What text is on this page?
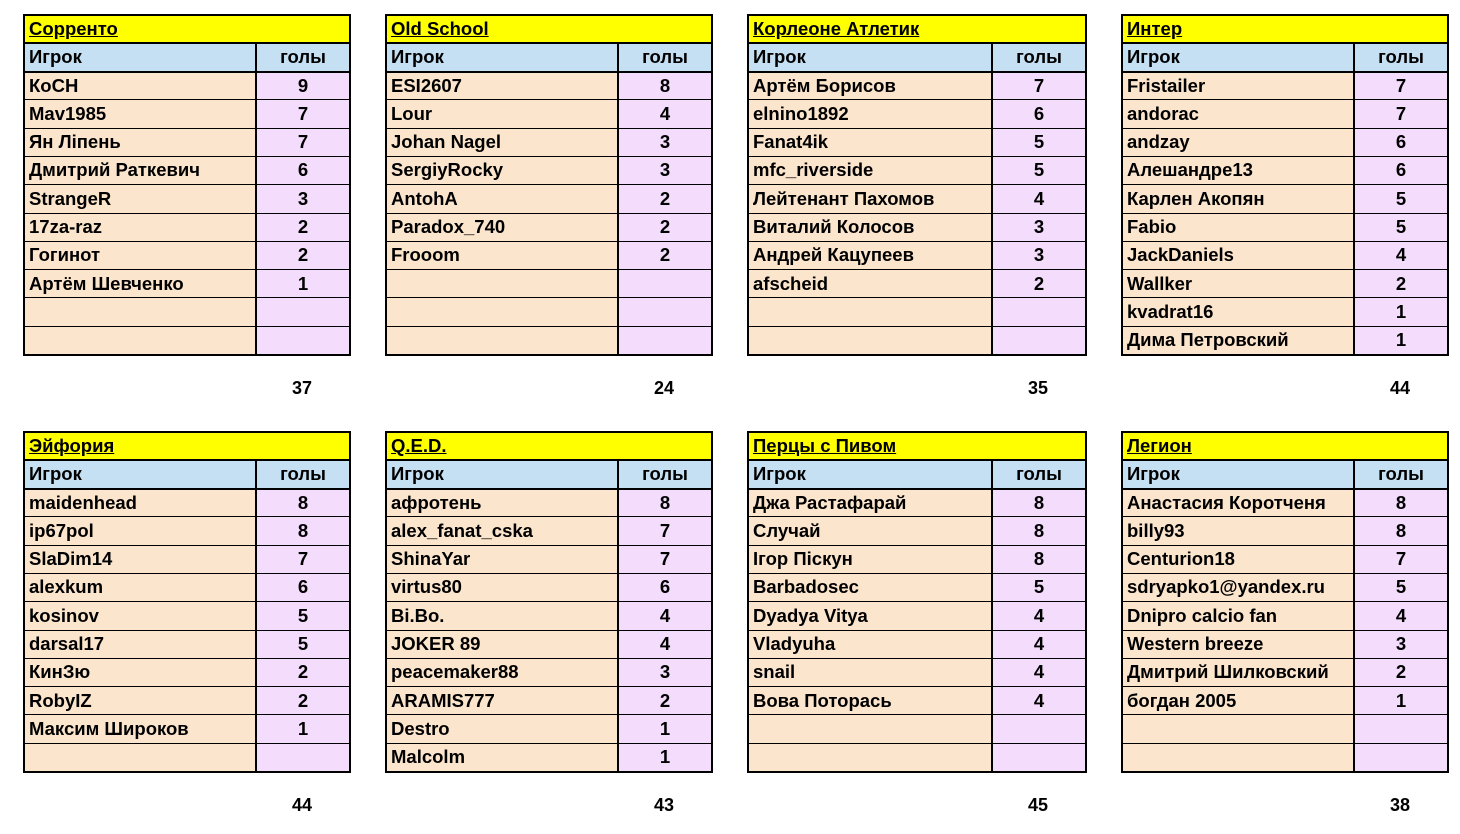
Сорренто	
Игрок	голы
КоСН	9
Mav1985	7
Ян Ліпень	7
Дмитрий Раткевич	6
StrangeR	3
17za-raz	2
Гогинот	2
Артём Шевченко	1

37
Old School	
Игрок	голы
ESI2607	8
Lour	4
Johan Nagel	3
SergiyRocky	3
AntohA	2
Paradox_740	2
Frooom	2

24
Корлеоне Атлетик	
Игрок	голы
Артём Борисов	7
elnino1892	6
Fanat4ik	5
mfc_riverside	5
Лейтенант Пахомов	4
Виталий Колосов	3
Андрей Кацупеев	3
afscheid	2

35
Интер	
Игрок	голы
Fristailer	7
andorac	7
andzay	6
Алешандре13	6
Карлен Акопян	5
Fabio	5
JackDaniels	4
Wallker	2
kvadrat16	1
Дима Петровский	1
44
Эйфория	
Игрок	голы
maidenhead	8
ip67pol	8
SlaDim14	7
alexkum	6
kosinov	5
darsal17	5
КинЗю	2
RobyIZ	2
Максим Широков	1

44
Q.E.D.	
Игрок	голы
афротень	8
alex_fanat_cska	7
ShinaYar	7
virtus80	6
Bi.Bo.	4
JOKER 89	4
peacemaker88	3
ARAMIS777	2
Destro	1
Malcolm	1
43
Перцы с Пивом	
Игрок	голы
Джа Растафарай	8
Случай	8
Ігор Піскун	8
Barbadosec	5
Dyadya Vitya	4
Vladyuha	4
snail	4
Вова Поторась	4

45
Легион	
Игрок	голы
Анастасия Коротченя	8
billy93	8
Centurion18	7
sdryapko1@yandex.ru	5
Dnipro calcio fan	4
Western breeze	3
Дмитрий Шилковский	2
богдан 2005	1

38
